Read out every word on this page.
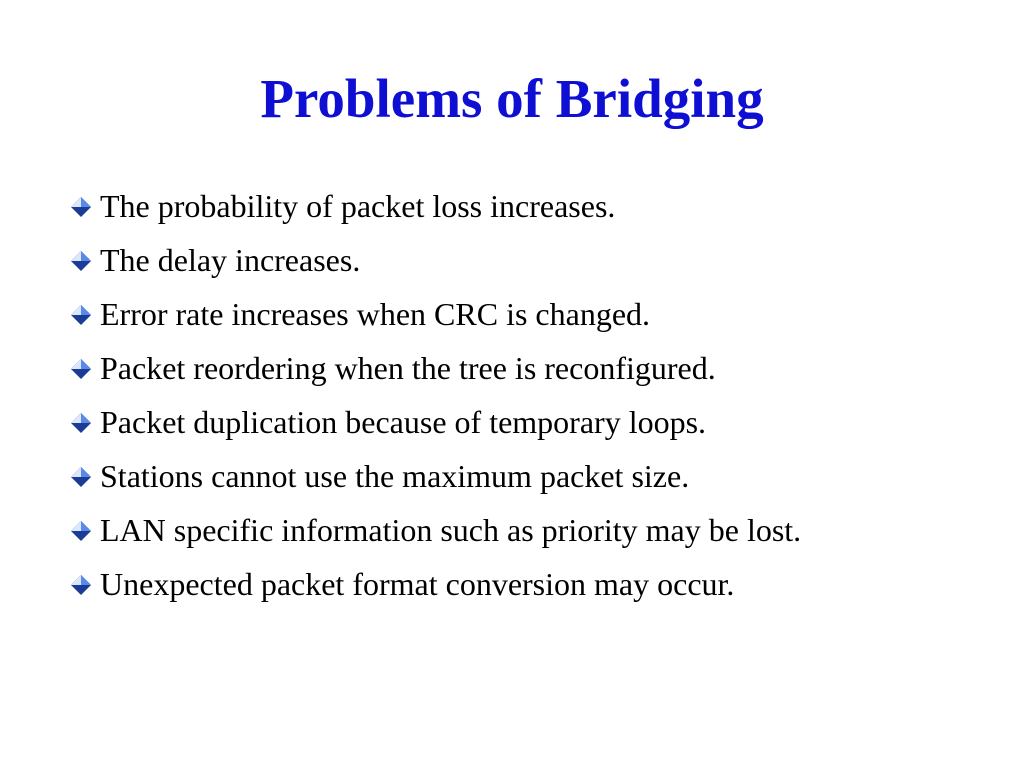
Problems of Bridging
The probability of packet loss increases.
The delay increases.
Error rate increases when CRC is changed.
Packet reordering when the tree is reconfigured.
Packet duplication because of temporary loops.
Stations cannot use the maximum packet size.
LAN specific information such as priority may be lost.
Unexpected packet format conversion may occur.
